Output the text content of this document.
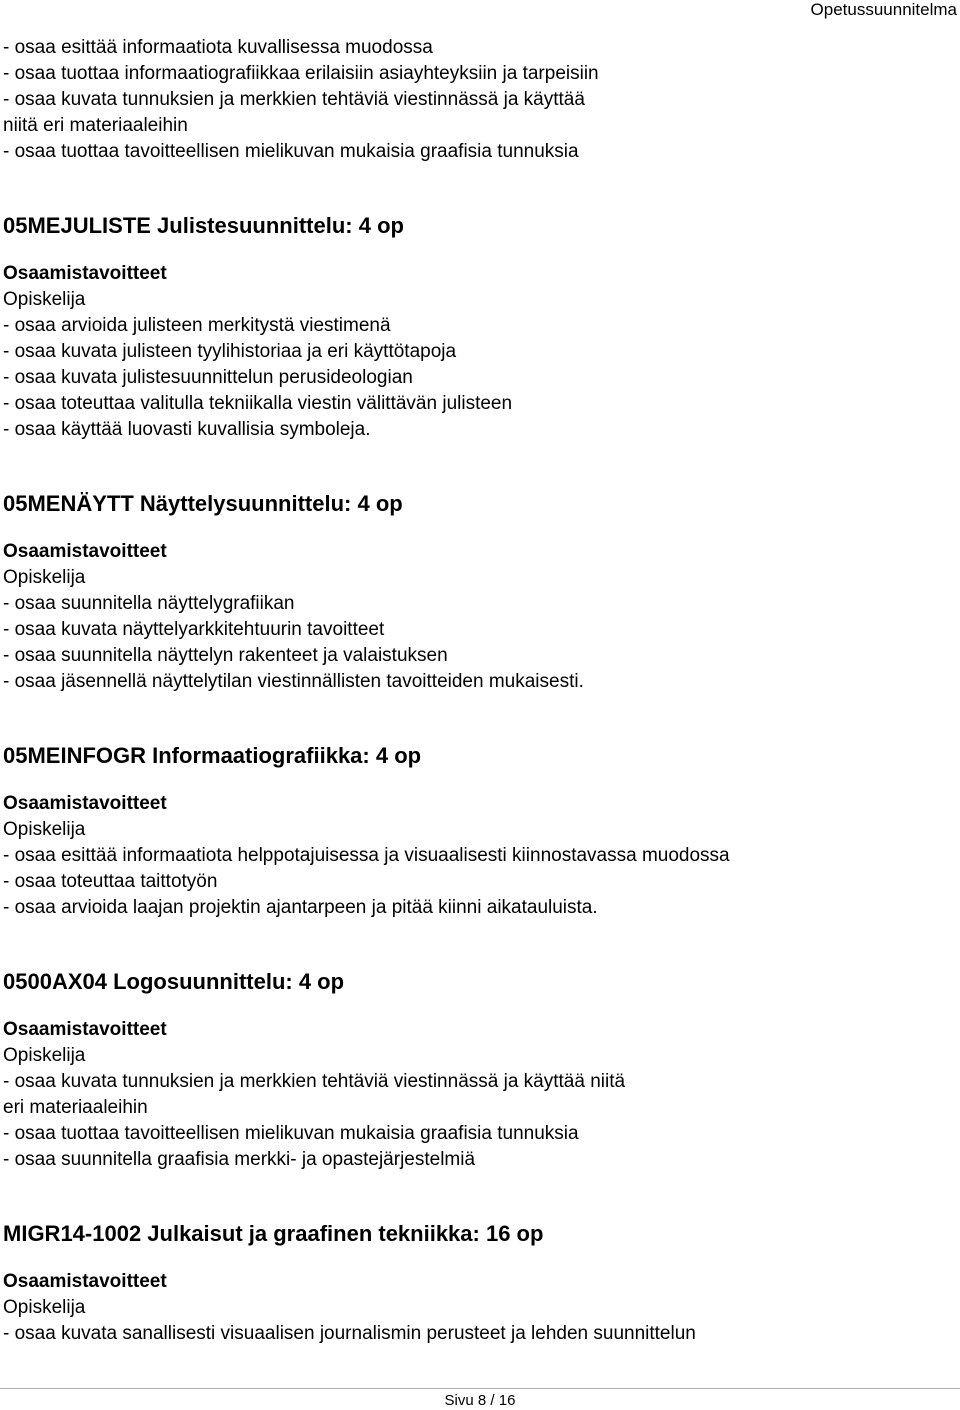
Opetussuunnitelma
- osaa esittää informaatiota kuvallisessa muodossa
- osaa tuottaa informaatiografiikkaa erilaisiin asiayhteyksiin ja tarpeisiin
- osaa kuvata tunnuksien ja merkkien tehtäviä viestinnässä ja käyttää
niitä eri materiaaleihin
- osaa tuottaa tavoitteellisen mielikuvan mukaisia graafisia tunnuksia
05MEJULISTE Julistesuunnittelu: 4 op
Osaamistavoitteet
Opiskelija
- osaa arvioida julisteen merkitystä viestimenä
- osaa kuvata julisteen tyylihistoriaa ja eri käyttötapoja
- osaa kuvata julistesuunnittelun perusideologian
- osaa toteuttaa valitulla tekniikalla viestin välittävän julisteen
- osaa käyttää luovasti kuvallisia symboleja.
05MENÄYTT Näyttelysuunnittelu: 4 op
Osaamistavoitteet
Opiskelija
- osaa suunnitella näyttelygrafiikan
- osaa kuvata näyttelyarkkitehtuurin tavoitteet
- osaa suunnitella näyttelyn rakenteet ja valaistuksen
- osaa jäsennellä näyttelytilan viestinnällisten tavoitteiden mukaisesti.
05MEINFOGR Informaatiografiikka: 4 op
Osaamistavoitteet
Opiskelija
- osaa esittää informaatiota helppotajuisessa ja visuaalisesti kiinnostavassa muodossa
- osaa toteuttaa taittotyön
- osaa arvioida laajan projektin ajantarpeen ja pitää kiinni aikatauluista.
0500AX04 Logosuunnittelu: 4 op
Osaamistavoitteet
Opiskelija
- osaa kuvata tunnuksien ja merkkien tehtäviä viestinnässä ja käyttää niitä
eri materiaaleihin
- osaa tuottaa tavoitteellisen mielikuvan mukaisia graafisia tunnuksia
- osaa suunnitella graafisia merkki- ja opastejärjestelmiä
MIGR14-1002 Julkaisut ja graafinen tekniikka: 16 op
Osaamistavoitteet
Opiskelija
- osaa kuvata sanallisesti visuaalisen journalismin perusteet ja lehden suunnittelun
Sivu 8 / 16
